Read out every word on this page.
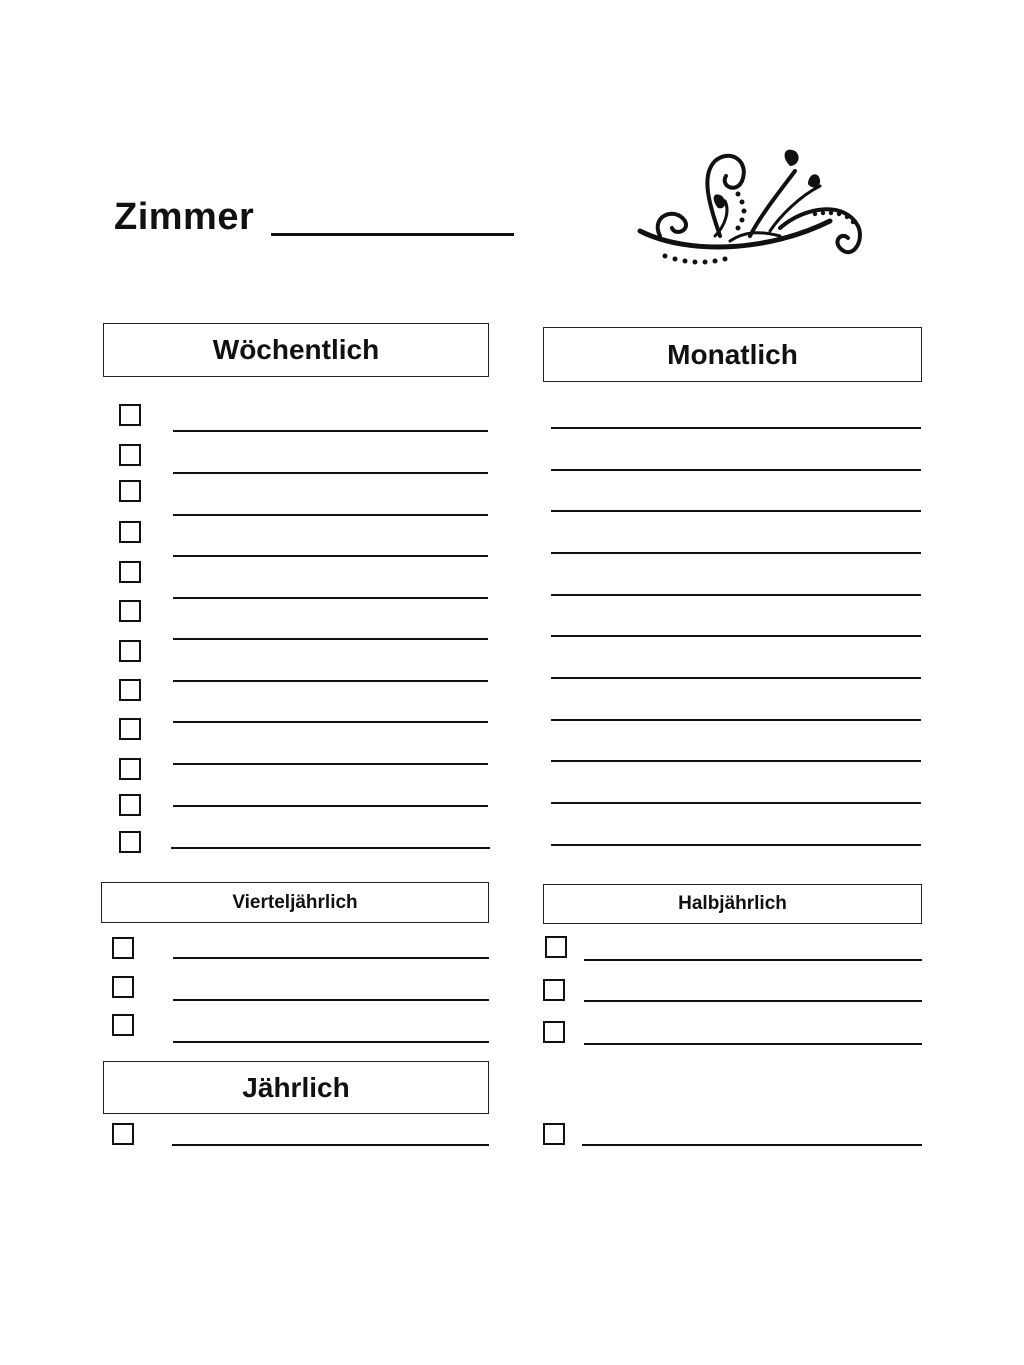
Zimmer
Wöchentlich	Monatlich
Vierteljährlich	Halbjährlich
Jährlich
